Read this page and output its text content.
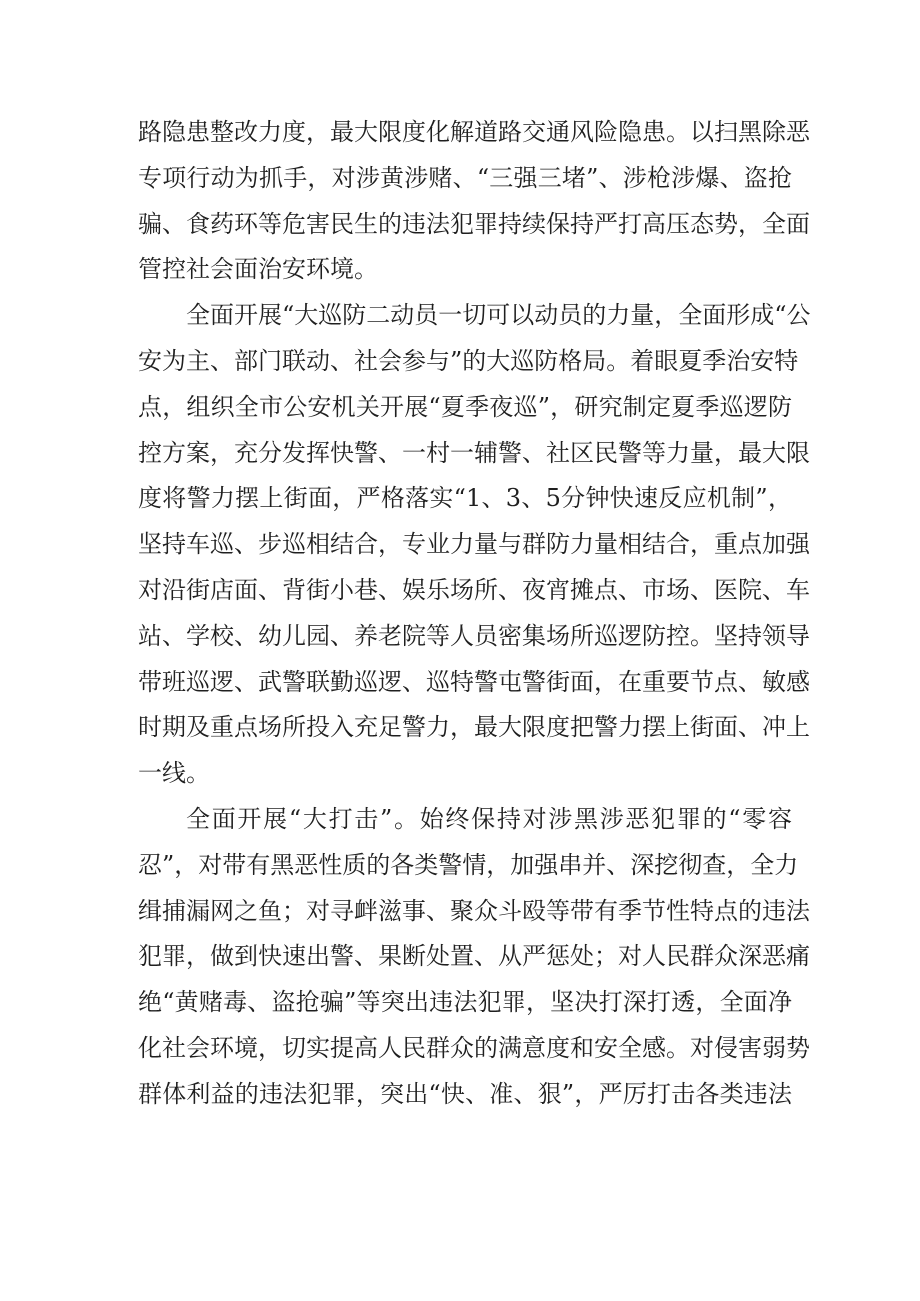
路隐患整改力度，最大限度化解道路交通风险隐患。以扫黑除恶
专项行动为抓手，对涉黄涉赌、“三强三堵”、涉枪涉爆、盗抢
骗、食药环等危害民生的违法犯罪持续保持严打高压态势，全面
管控社会面治安环境。
全面开展“大巡防二动员一切可以动员的力量，全面形成“公
安为主、部门联动、社会参与”的大巡防格局。着眼夏季治安特
点，组织全市公安机关开展“夏季夜巡”，研究制定夏季巡逻防
控方案，充分发挥快警、一村一辅警、社区民警等力量，最大限
度将警力摆上街面，严格落实“1、3、5分钟快速反应机制”，
坚持车巡、步巡相结合，专业力量与群防力量相结合，重点加强
对沿街店面、背街小巷、娱乐场所、夜宵摊点、市场、医院、车
站、学校、幼儿园、养老院等人员密集场所巡逻防控。坚持领导
带班巡逻、武警联勤巡逻、巡特警屯警街面，在重要节点、敏感
时期及重点场所投入充足警力，最大限度把警力摆上街面、冲上
一线。
全面开展“大打击”。始终保持对涉黑涉恶犯罪的“零容
忍”，对带有黑恶性质的各类警情，加强串并、深挖彻查，全力
缉捕漏网之鱼；对寻衅滋事、聚众斗殴等带有季节性特点的违法
犯罪，做到快速出警、果断处置、从严惩处；对人民群众深恶痛
绝“黄赌毒、盗抢骗”等突出违法犯罪，坚决打深打透，全面净
化社会环境，切实提高人民群众的满意度和安全感。对侵害弱势
群体利益的违法犯罪，突出“快、准、狠”，严厉打击各类违法
